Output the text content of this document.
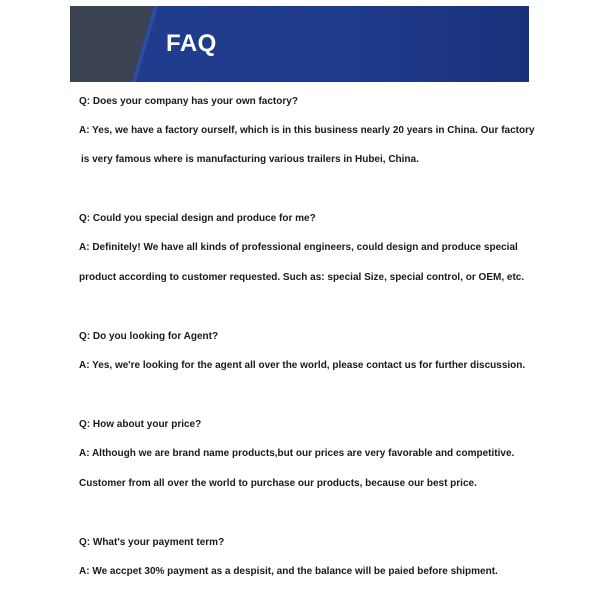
FAQ
Q: Does your company has your own factory?
A: Yes, we have a factory ourself, which is in this business nearly 20 years in China. Our factory
is very famous where is manufacturing various trailers in Hubei, China.
Q: Could you special design and produce for me?
A: Definitely! We have all kinds of professional engineers, could design and produce special
product according to customer requested. Such as: special Size, special control, or OEM, etc.
Q: Do you looking for Agent?
A: Yes, we're looking for the agent all over the world, please contact us for further discussion.
Q: How about your price?
A: Although we are brand name products,but our prices are very favorable and competitive.
Customer from all over the world to purchase our products, because our best price.
Q: What's your payment term?
A: We accpet 30% payment as a despisit, and the balance will be paied before shipment.
